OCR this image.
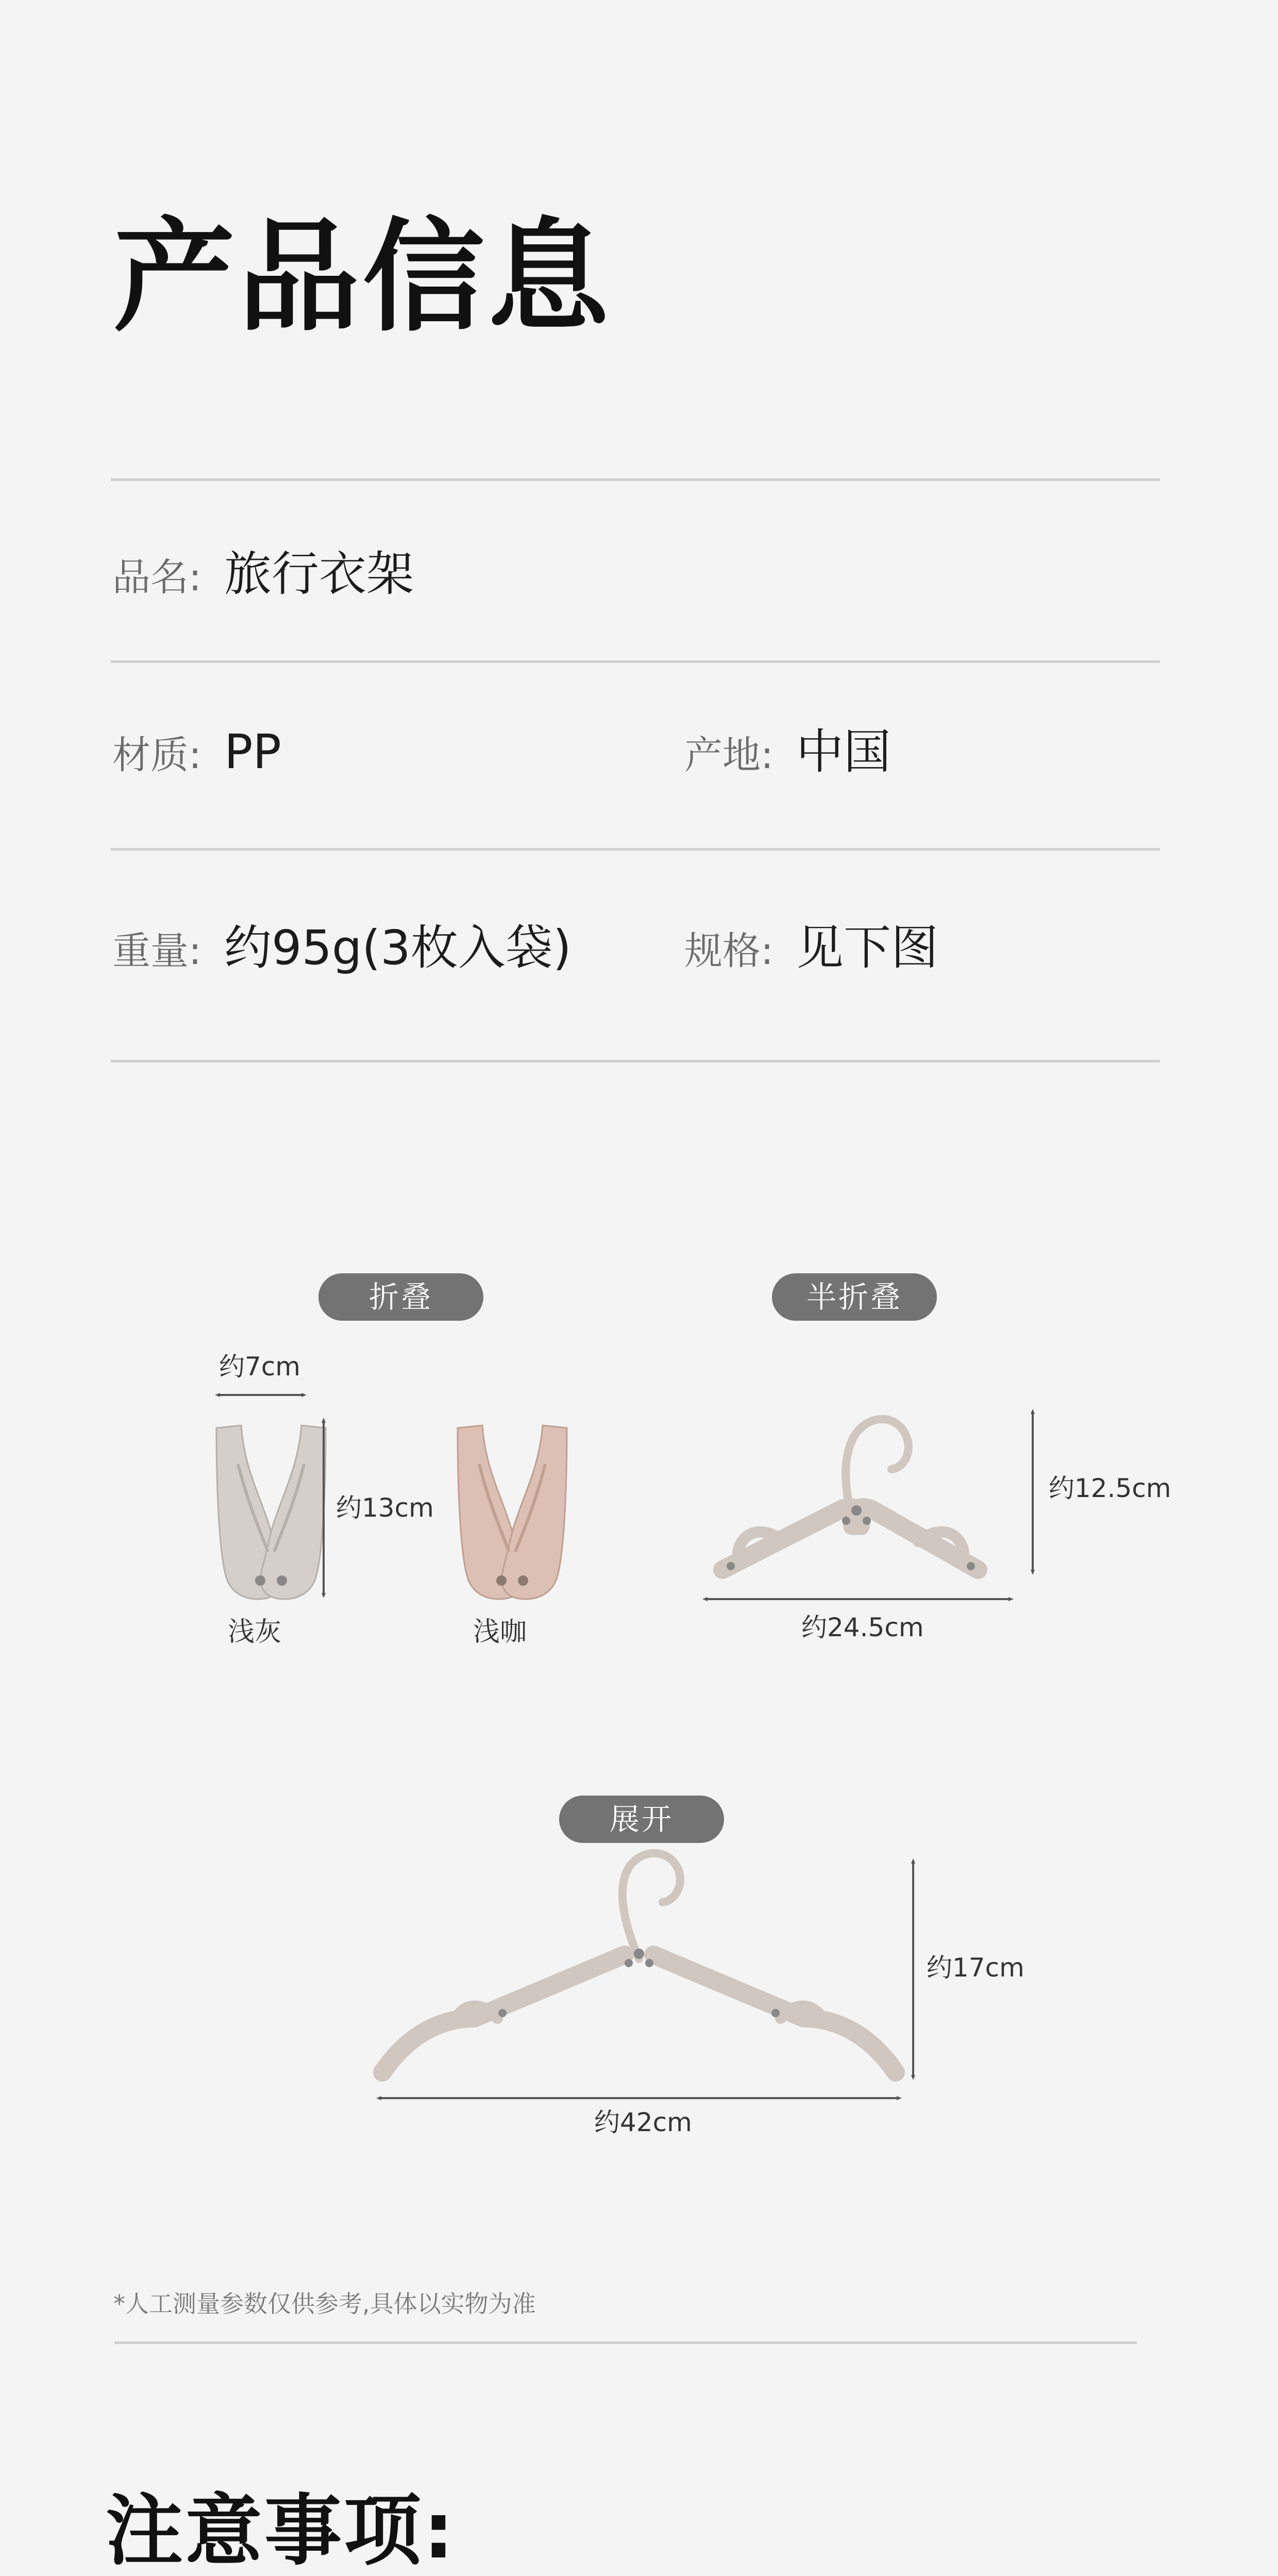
产品信息
品名: 旅行衣架
材质: PP	产地: 中国
重量: 约95g(3枚入袋)	规格: 见下图
折叠	半折叠
展开
约7cm
约13cm
浅灰	浅咖
约12.5cm
约24.5cm
约17cm
约42cm
*人工测量参数仅供参考,具体以实物为准
注意事项:
